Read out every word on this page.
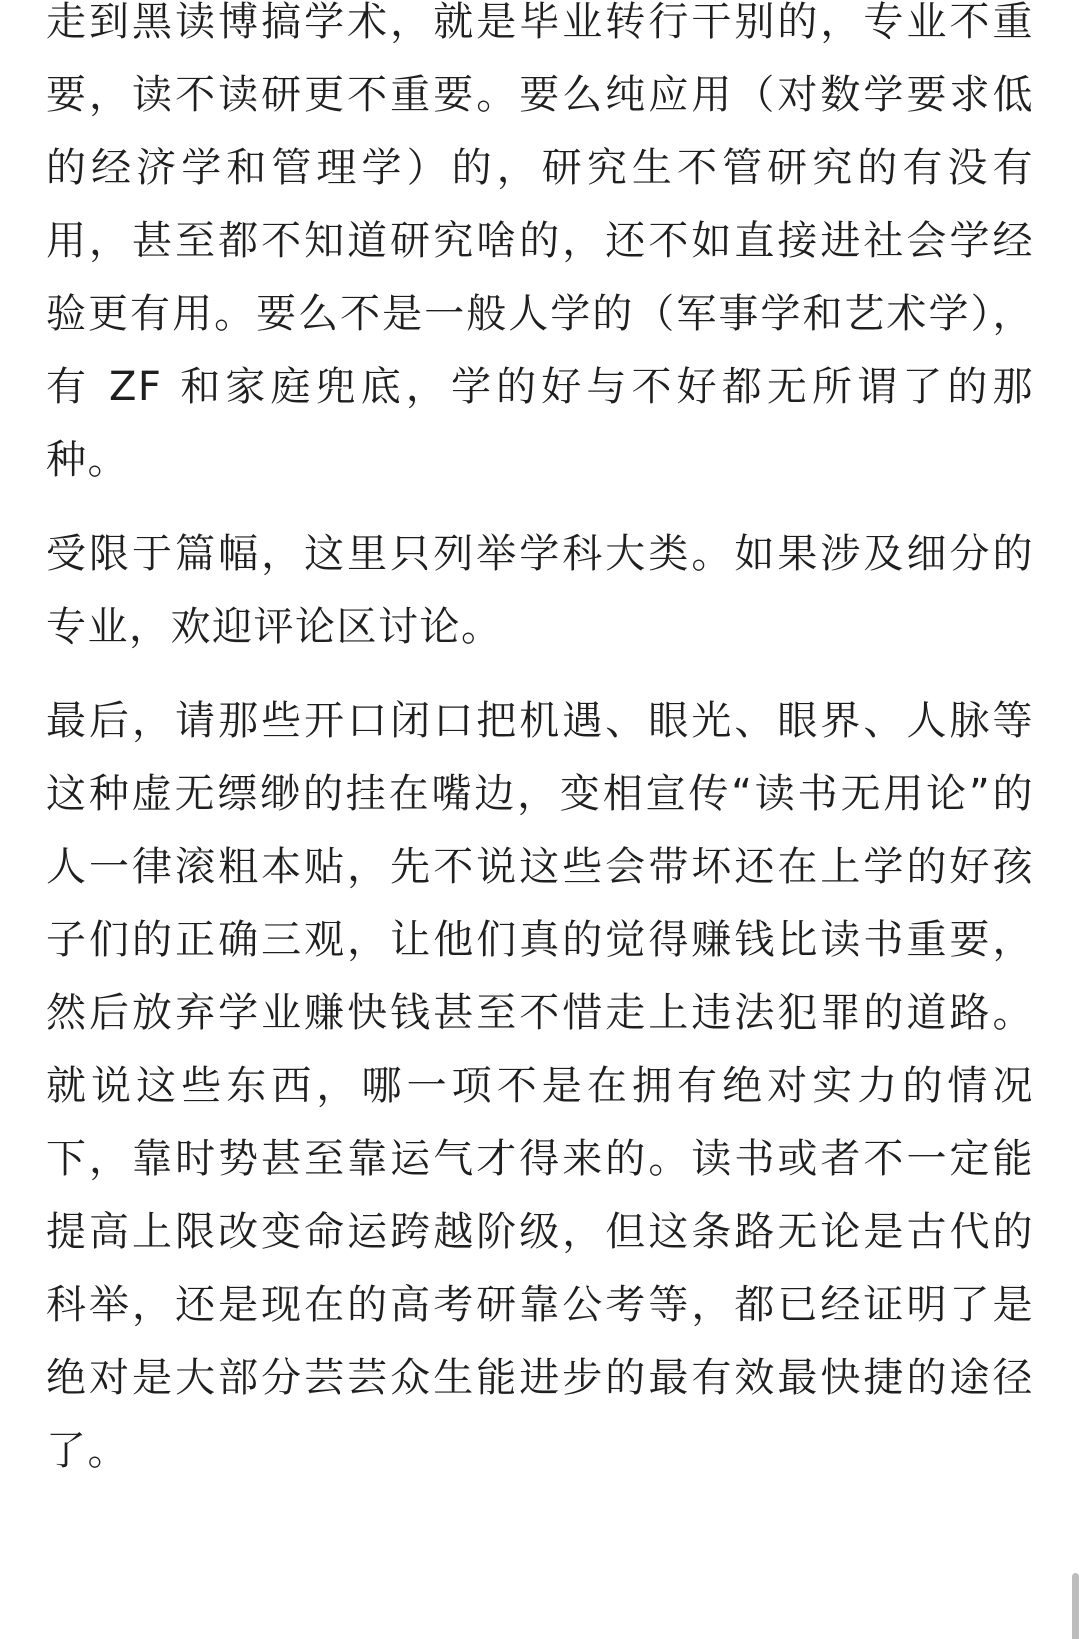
走到黑读博搞学术，就是毕业转行干别的，专业不重要，读不读研更不重要。要么纯应用（对数学要求低的经济学和管理学）的，研究生不管研究的有没有用，甚至都不知道研究啥的，还不如直接进社会学经验更有用。要么不是一般人学的（军事学和艺术学），有 ZF 和家庭兜底，学的好与不好都无所谓了的那种。

受限于篇幅，这里只列举学科大类。如果涉及细分的专业，欢迎评论区讨论。

最后，请那些开口闭口把机遇、眼光、眼界、人脉等这种虚无缥缈的挂在嘴边，变相宣传“读书无用论”的人一律滚粗本贴，先不说这些会带坏还在上学的好孩子们的正确三观，让他们真的觉得赚钱比读书重要，然后放弃学业赚快钱甚至不惜走上违法犯罪的道路。就说这些东西，哪一项不是在拥有绝对实力的情况下，靠时势甚至靠运气才得来的。读书或者不一定能提高上限改变命运跨越阶级，但这条路无论是古代的科举，还是现在的高考研靠公考等，都已经证明了是绝对是大部分芸芸众生能进步的最有效最快捷的途径了。
